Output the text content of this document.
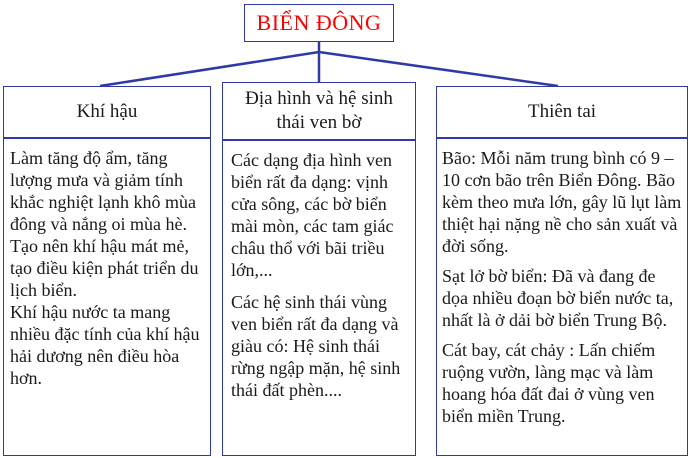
BIỂN ĐÔNG
Khí hậu

Làm tăng độ ẩm, tăng lượng mưa và giảm tính khắc nghiệt lạnh khô mùa đông và nắng oi mùa hè.

Tạo nên khí hậu mát mẻ, tạo điều kiện phát triển du lịch biển.

Khí hậu nước ta mang nhiều đặc tính của khí hậu hải dương nên điều hòa hơn.

Địa hình và hệ sinh thái ven bờ

Các dạng địa hình ven biển rất đa dạng: vịnh cửa sông, các bờ biển mài mòn, các tam giác châu thổ với bãi triều lớn,...

Các hệ sinh thái vùng ven biển rất đa dạng và giàu có: Hệ sinh thái rừng ngập mặn, hệ sinh thái đất phèn....

Thiên tai

Bão: Mỗi năm trung bình có 9 – 10 cơn bão trên Biển Đông. Bão kèm theo mưa lớn, gây lũ lụt làm thiệt hại nặng nề cho sản xuất và đời sống.

Sạt lở bờ biển: Đã và đang đe dọa nhiều đoạn bờ biển nước ta, nhất là ở dải bờ biển Trung Bộ.

Cát bay, cát chảy : Lấn chiếm ruộng vườn, làng mạc và làm hoang hóa đất đai ở vùng ven biển miền Trung.
